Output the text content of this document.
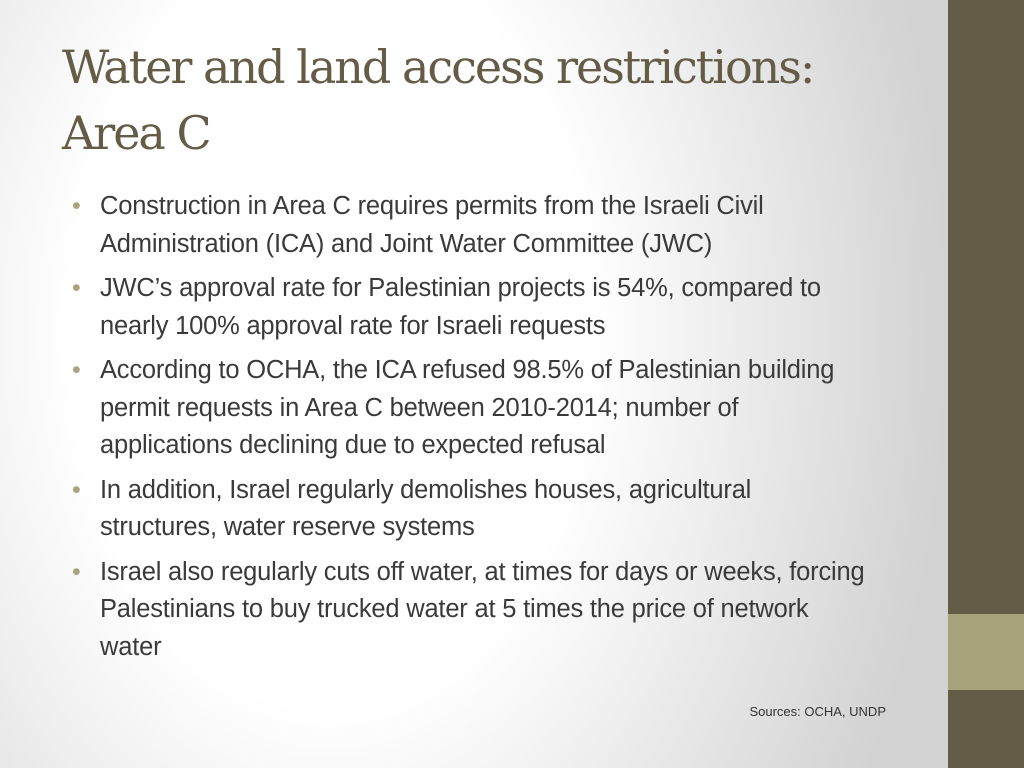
Water and land access restrictions:
Area C
• Construction in Area C requires permits from the Israeli Civil Administration (ICA) and Joint Water Committee (JWC)
• JWC’s approval rate for Palestinian projects is 54%, compared to nearly 100% approval rate for Israeli requests
• According to OCHA, the ICA refused 98.5% of Palestinian building permit requests in Area C between 2010-2014; number of applications declining due to expected refusal
• In addition, Israel regularly demolishes houses, agricultural structures, water reserve systems
• Israel also regularly cuts off water, at times for days or weeks, forcing Palestinians to buy trucked water at 5 times the price of network water
Sources: OCHA, UNDP
